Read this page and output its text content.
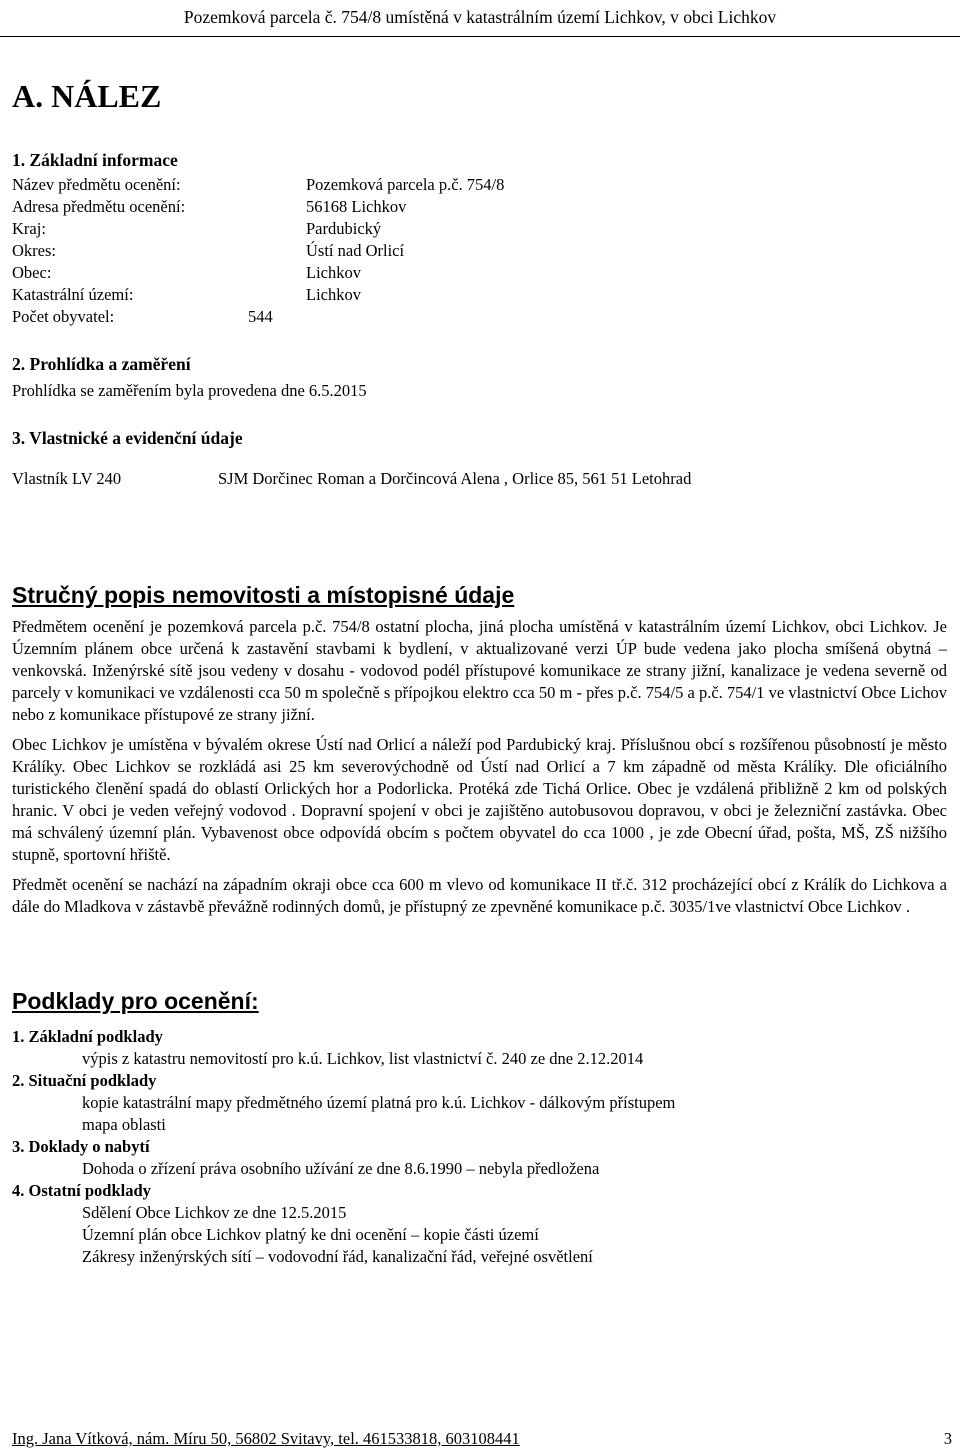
Pozemková parcela č. 754/8 umístěná v katastrálním území Lichkov, v obci Lichkov
A. NÁLEZ

1. Základní informace

Název předmětu ocenění:	Pozemková parcela p.č. 754/8
Adresa předmětu ocenění:	56168 Lichkov
Kraj:	Pardubický
Okres:	Ústí nad Orlicí
Obec:	Lichkov
Katastrální území:	Lichkov
Počet obyvatel:	544

2. Prohlídka a zaměření

Prohlídka se zaměřením byla provedena dne 6.5.2015

3. Vlastnické a evidenční údaje

Vlastník LV 240	SJM Dorčinec Roman a Dorčincová Alena , Orlice 85, 561 51 Letohrad
Stručný popis nemovitosti a místopisné údaje

Předmětem ocenění je pozemková parcela p.č. 754/8 ostatní plocha, jiná plocha umístěná v katastrálním území Lichkov, obci Lichkov. Je Územním plánem obce určená k zastavění stavbami k bydlení, v aktualizované verzi ÚP bude vedena jako plocha smíšená obytná – venkovská. Inženýrské sítě jsou vedeny v dosahu - vodovod podél přístupové komunikace ze strany jižní, kanalizace je vedena severně od parcely v komunikaci ve vzdálenosti cca 50 m společně s přípojkou elektro cca 50 m - přes p.č. 754/5 a p.č. 754/1 ve vlastnictví Obce Lichov nebo z komunikace přístupové ze strany jižní.

Obec Lichkov je umístěna v bývalém okrese Ústí nad Orlicí a náleží pod Pardubický kraj. Příslušnou obcí s rozšířenou působností je město Králíky. Obec Lichkov se rozkládá asi 25 km severovýchodně od Ústí nad Orlicí a 7 km západně od města Králíky. Dle oficiálního turistického členění spadá do oblastí Orlických hor a Podorlicka. Protéká zde Tichá Orlice. Obec je vzdálená přibližně 2 km od polských hranic. V obci je veden veřejný vodovod . Dopravní spojení v obci je zajištěno autobusovou dopravou, v obci je železniční zastávka. Obec má schválený územní plán. Vybavenost obce odpovídá obcím s počtem obyvatel do cca 1000 , je zde Obecní úřad, pošta, MŠ, ZŠ nižšího stupně, sportovní hřiště.

Předmět ocenění se nachází na západním okraji obce cca 600 m vlevo od komunikace II tř.č. 312 procházející obcí z Králík do Lichkova a dále do Mladkova v zástavbě převážně rodinných domů, je přístupný ze zpevněné komunikace p.č. 3035/1ve vlastnictví Obce Lichkov .

Podklady pro ocenění:

1. Základní podklady

výpis z katastru nemovitostí pro k.ú. Lichkov, list vlastnictví č. 240 ze dne 2.12.2014

2. Situační podklady

kopie katastrální mapy předmětného území platná pro k.ú. Lichkov - dálkovým přístupem

mapa oblasti

3. Doklady o nabytí

Dohoda o zřízení práva osobního užívání ze dne 8.6.1990 – nebyla předložena

4. Ostatní podklady

Sdělení Obce Lichkov ze dne 12.5.2015

Územní plán obce Lichkov platný ke dni ocenění – kopie části území

Zákresy inženýrských sítí – vodovodní řád, kanalizační řád, veřejné osvětlení

Ing. Jana Vítková, nám. Míru 50, 56802 Svitavy, tel. 461533818, 603108441	3
